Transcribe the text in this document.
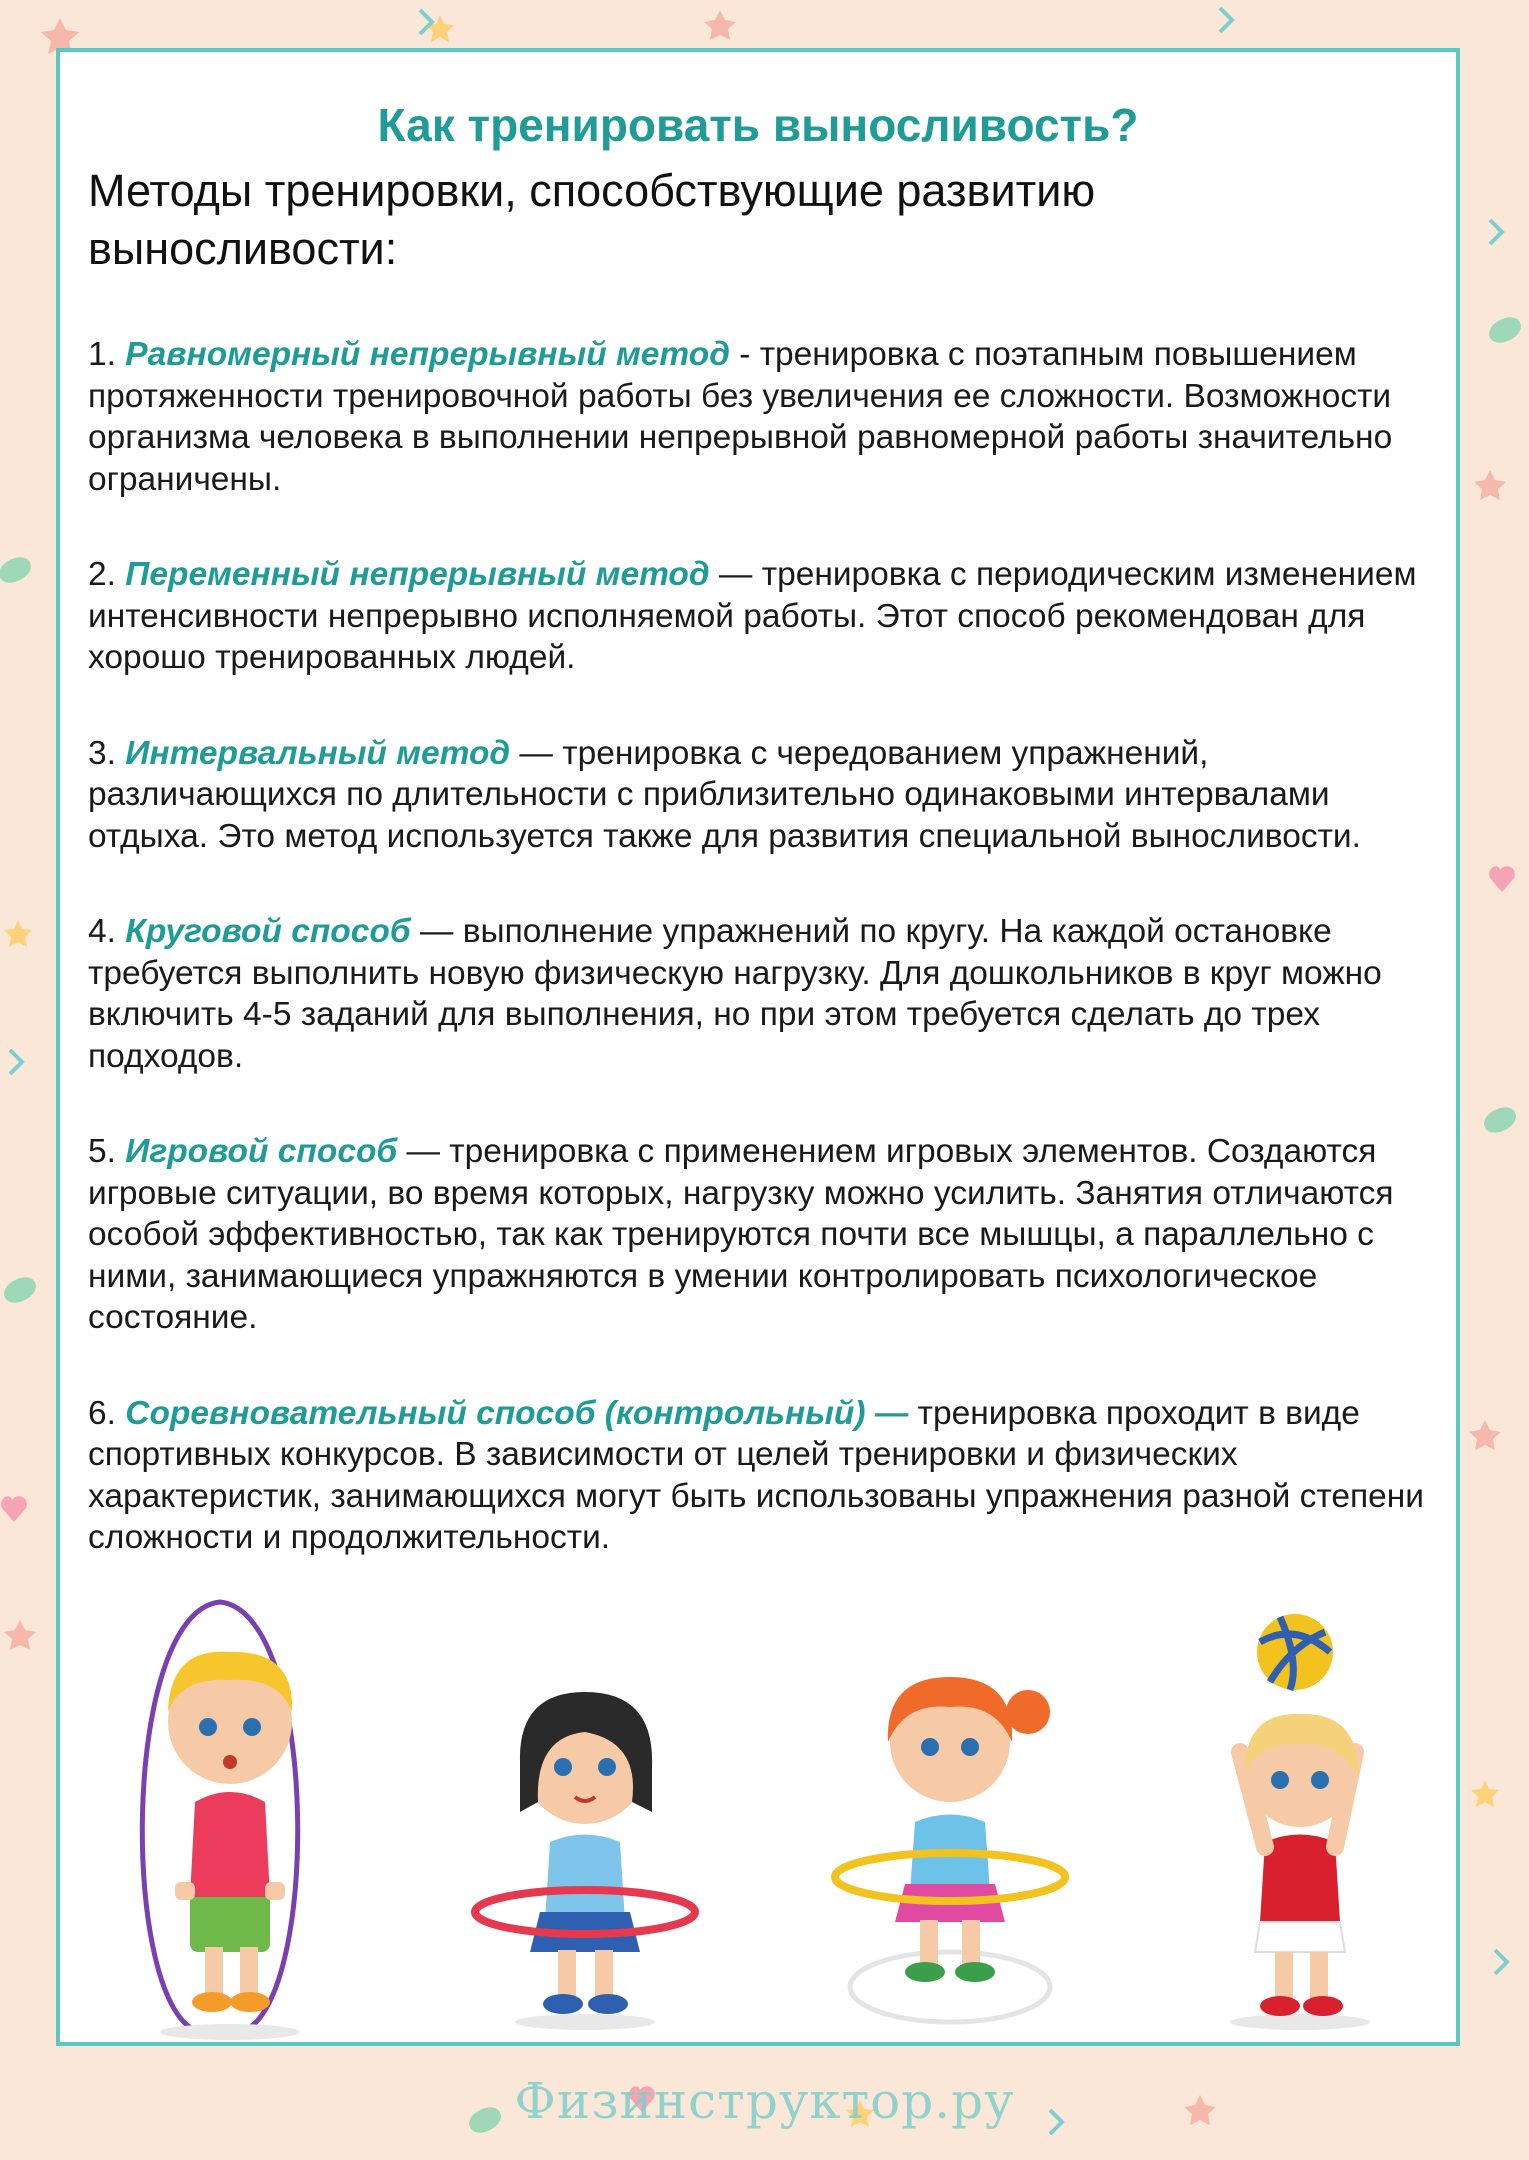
Как тренировать выносливость?
Методы тренировки, способствующие развитию выносливости:

1. Равномерный непрерывный метод - тренировка с поэтапным повышением протяженности тренировочной работы без увеличения ее сложности. Возможности организма человека в выполнении непрерывной равномерной работы значительно ограничены.

2. Переменный непрерывный метод — тренировка с периодическим изменением интенсивности непрерывно исполняемой работы. Этот способ рекомендован для хорошо тренированных людей.

3. Интервальный метод — тренировка с чередованием упражнений, различающихся по длительности с приблизительно одинаковыми интервалами отдыха. Это метод используется также для развития специальной выносливости.

4. Круговой способ — выполнение упражнений по кругу. На каждой остановке требуется выполнить новую физическую нагрузку. Для дошкольников в круг можно включить 4-5 заданий для выполнения, но при этом требуется сделать до трех подходов.

5. Игровой способ — тренировка с применением игровых элементов. Создаются игровые ситуации, во время которых, нагрузку можно усилить. Занятия отличаются особой эффективностью, так как тренируются почти все мышцы, а параллельно с ними, занимающиеся упражняются в умении контролировать психологическое состояние.

6. Соревновательный способ (контрольный) — тренировка проходит в виде спортивных конкурсов. В зависимости от целей тренировки и физических характеристик, занимающихся могут быть использованы упражнения разной степени сложности и продолжительности.

Физинструктор.ру
